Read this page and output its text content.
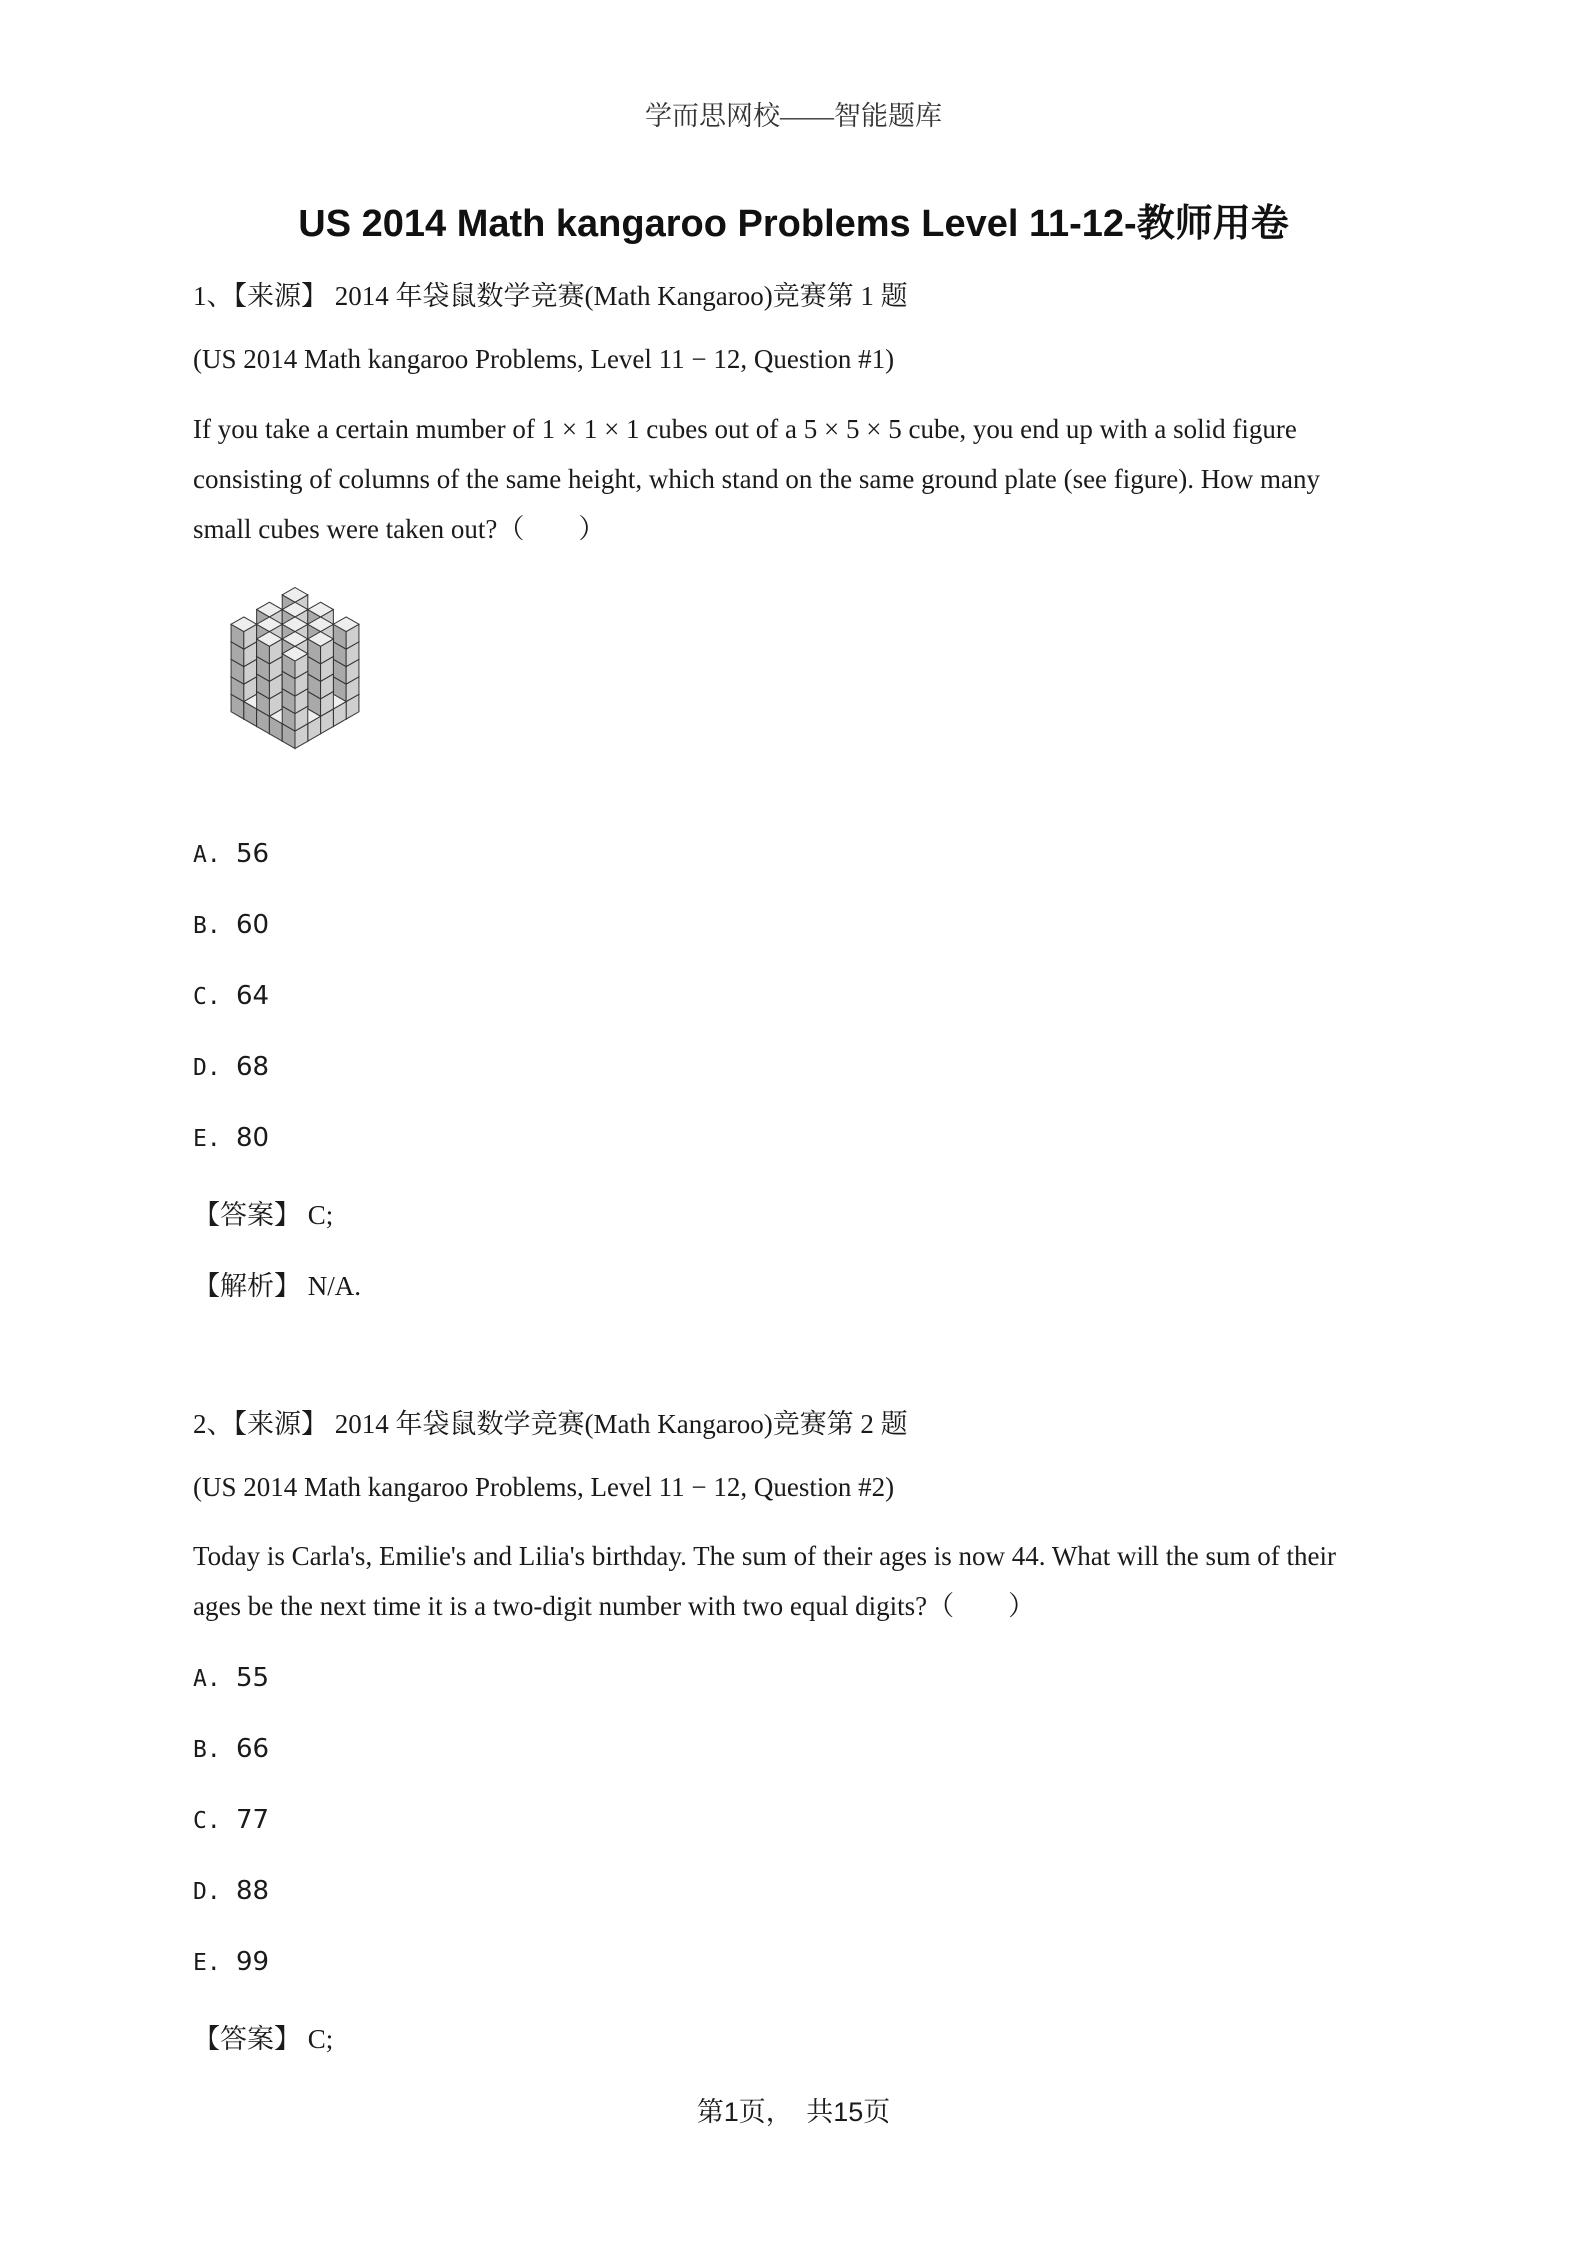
学而思网校——智能题库
US 2014 Math kangaroo Problems Level 11-12-教师用卷
1、【来源】 2014 年袋鼠数学竞赛(Math Kangaroo)竞赛第 1 题
(US 2014 Math kangaroo Problems, Level 11 − 12, Question #1)
If you take a certain mumber of 1 × 1 × 1 cubes out of a 5 × 5 × 5 cube, you end up with a solid figure
consisting of columns of the same height, which stand on the same ground plate (see figure). How many
small cubes were taken out?（　　）
A. 56
B. 60
C. 64
D. 68
E. 80
【答案】 C;
【解析】 N/A.
2、【来源】 2014 年袋鼠数学竞赛(Math Kangaroo)竞赛第 2 题
(US 2014 Math kangaroo Problems, Level 11 − 12, Question #2)
Today is Carla's, Emilie's and Lilia's birthday. The sum of their ages is now 44. What will the sum of their
ages be the next time it is a two-digit number with two equal digits?（　　）
A. 55
B. 66
C. 77
D. 88
E. 99
【答案】 C;
第1页，　共15页
